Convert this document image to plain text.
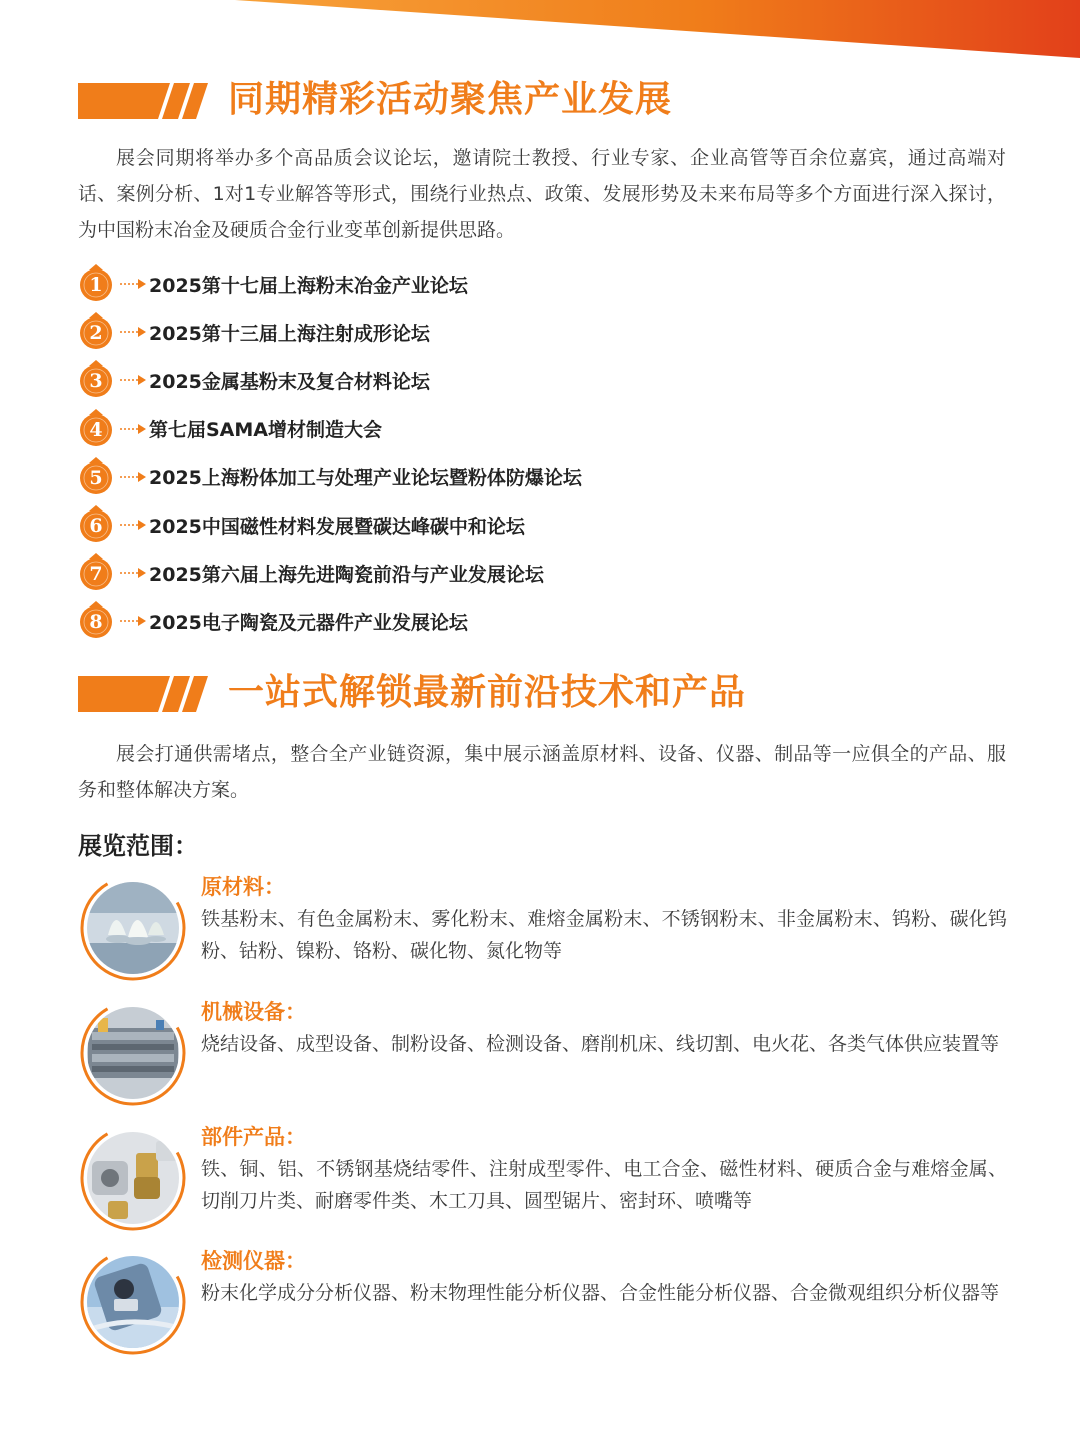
同期精彩活动聚焦产业发展
展会同期将举办多个高品质会议论坛，邀请院士教授、行业专家、企业高管等百余位嘉宾，通过高端对话、案例分析、1对1专业解答等形式，围绕行业热点、政策、发展形势及未来布局等多个方面进行深入探讨，为中国粉末冶金及硬质合金行业变革创新提供思路。
1	2025第十七届上海粉末冶金产业论坛
2	2025第十三届上海注射成形论坛
3	2025金属基粉末及复合材料论坛
4	第七届SAMA增材制造大会
5	2025上海粉体加工与处理产业论坛暨粉体防爆论坛
6	2025中国磁性材料发展暨碳达峰碳中和论坛
7	2025第六届上海先进陶瓷前沿与产业发展论坛
8	2025电子陶瓷及元器件产业发展论坛
一站式解锁最新前沿技术和产品
展会打通供需堵点，整合全产业链资源，集中展示涵盖原材料、设备、仪器、制品等一应俱全的产品、服务和整体解决方案。
展览范围：
原材料：
铁基粉末、有色金属粉末、雾化粉末、难熔金属粉末、不锈钢粉末、非金属粉末、钨粉、碳化钨粉、钴粉、镍粉、铬粉、碳化物、氮化物等
机械设备：
烧结设备、成型设备、制粉设备、检测设备、磨削机床、线切割、电火花、各类气体供应装置等
部件产品：
铁、铜、铝、不锈钢基烧结零件、注射成型零件、电工合金、磁性材料、硬质合金与难熔金属、切削刀片类、耐磨零件类、木工刀具、圆型锯片、密封环、喷嘴等
检测仪器：
粉末化学成分分析仪器、粉末物理性能分析仪器、合金性能分析仪器、合金微观组织分析仪器等
